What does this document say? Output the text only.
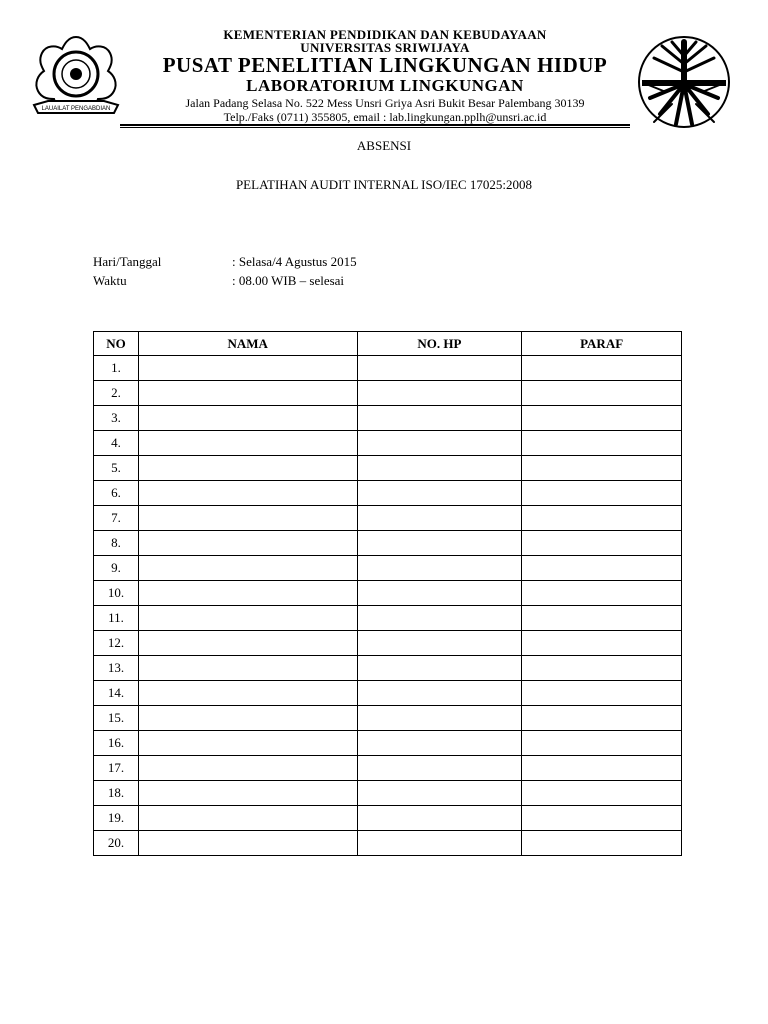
LAUAILAT PENGABDIAN
KEMENTERIAN PENDIDIKAN DAN KEBUDAYAAN
UNIVERSITAS SRIWIJAYA
PUSAT PENELITIAN LINGKUNGAN HIDUP
LABORATORIUM LINGKUNGAN
Jalan Padang Selasa No. 522 Mess Unsri Griya Asri Bukit Besar Palembang 30139
Telp./Faks (0711) 355805, email : lab.lingkungan.pplh@unsri.ac.id
ABSENSI
PELATIHAN AUDIT INTERNAL ISO/IEC 17025:2008
Hari/Tanggal	: Selasa/4 Agustus 2015
Waktu	: 08.00 WIB – selesai
NO	NAMA	NO. HP	PARAF
1.			
2.			
3.			
4.			
5.			
6.			
7.			
8.			
9.			
10.			
11.			
12.			
13.			
14.			
15.			
16.			
17.			
18.			
19.			
20.			
